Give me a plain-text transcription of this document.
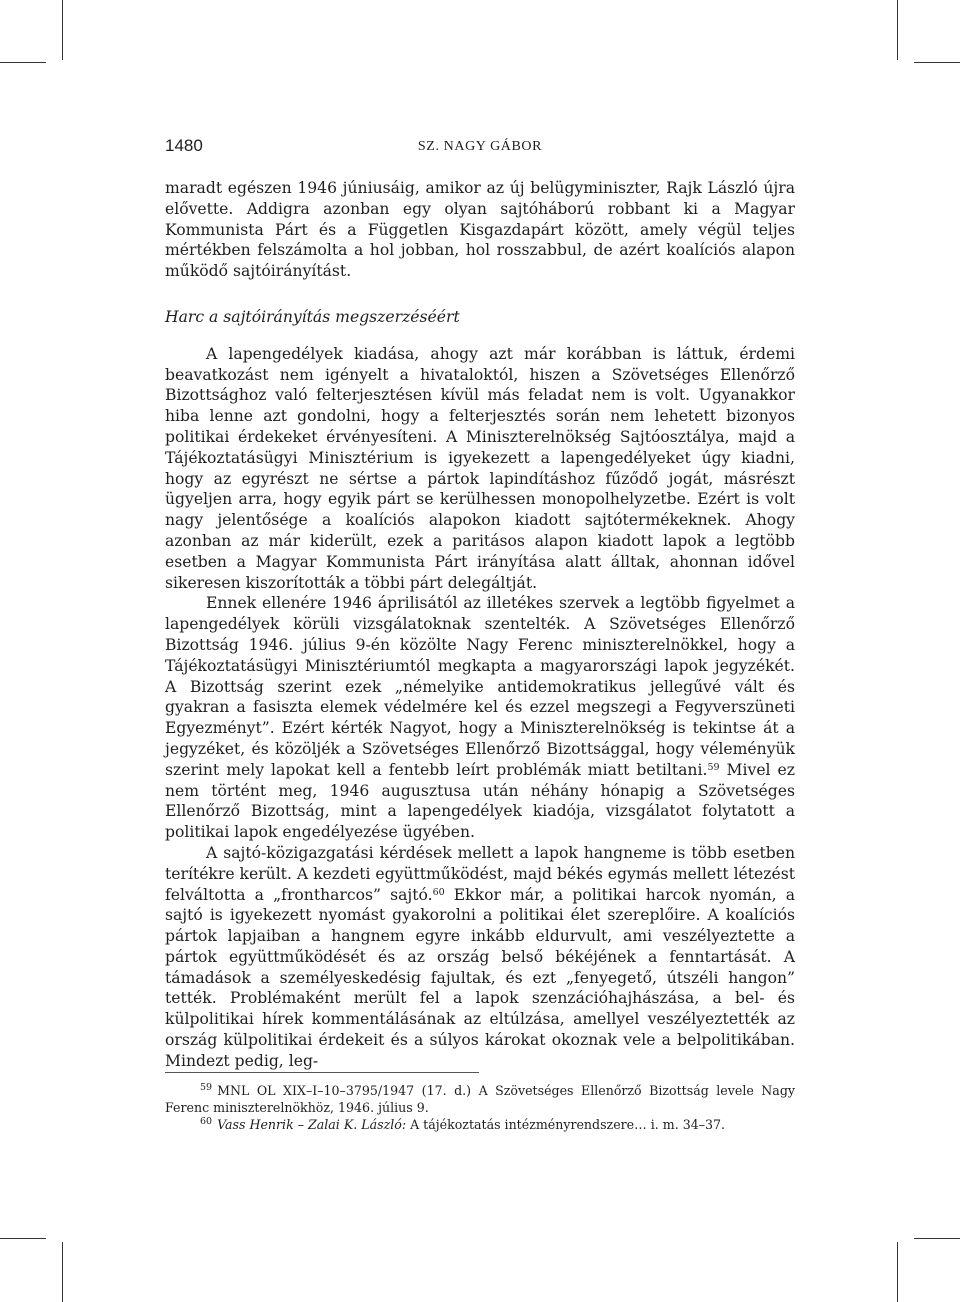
1480	SZ. NAGY GÁBOR

maradt egészen 1946 júniusáig, amikor az új belügyminiszter, Rajk László újra elővette. Addigra azonban egy olyan sajtóháború robbant ki a Magyar Kommunista Párt és a Független Kisgazdapárt között, amely végül teljes mértékben felszámolta a hol jobban, hol rosszabbul, de azért koalíciós alapon működő sajtóirányítást.

Harc a sajtóirányítás megszerzéséért

A lapengedélyek kiadása, ahogy azt már korábban is láttuk, érdemi beavatkozást nem igényelt a hivataloktól, hiszen a Szövetséges Ellenőrző Bizottsághoz való felterjesztésen kívül más feladat nem is volt. Ugyanakkor hiba lenne azt gondolni, hogy a felterjesztés során nem lehetett bizonyos politikai érdekeket érvényesíteni. A Miniszterelnökség Sajtóosztálya, majd a Tájékoztatásügyi Minisztérium is igyekezett a lapengedélyeket úgy kiadni, hogy az egyrészt ne sértse a pártok lapindításhoz fűződő jogát, másrészt ügyeljen arra, hogy egyik párt se kerülhessen monopolhelyzetbe. Ezért is volt nagy jelentősége a koalíciós alapokon kiadott sajtótermékeknek. Ahogy azonban az már kiderült, ezek a paritásos alapon kiadott lapok a legtöbb esetben a Magyar Kommunista Párt irányítása alatt álltak, ahonnan idővel sikeresen kiszorították a többi párt delegáltját.

Ennek ellenére 1946 áprilisától az illetékes szervek a legtöbb figyelmet a lapengedélyek körüli vizsgálatoknak szentelték. A Szövetséges Ellenőrző Bizottság 1946. július 9-én közölte Nagy Ferenc miniszterelnökkel, hogy a Tájékoztatásügyi Minisztériumtól megkapta a magyarországi lapok jegyzékét. A Bizottság szerint ezek „némelyike antidemokratikus jellegűvé vált és gyakran a fasiszta elemek védelmére kel és ezzel megszegi a Fegyverszüneti Egyezményt”. Ezért kérték Nagyot, hogy a Miniszterelnökség is tekintse át a jegyzéket, és közöljék a Szövetséges Ellenőrző Bizottsággal, hogy véleményük szerint mely lapokat kell a fentebb leírt problémák miatt betiltani.$^{59}$ Mivel ez nem történt meg, 1946 augusztusa után néhány hónapig a Szövetséges Ellenőrző Bizottság, mint a lapengedélyek kiadója, vizsgálatot folytatott a politikai lapok engedélyezése ügyében.

A sajtó-közigazgatási kérdések mellett a lapok hangneme is több esetben terítékre került. A kezdeti együttműködést, majd békés egymás mellett létezést felváltotta a „frontharcos” sajtó.$^{60}$ Ekkor már, a politikai harcok nyomán, a sajtó is igyekezett nyomást gyakorolni a politikai élet szereplőire. A koalíciós pártok lapjaiban a hangnem egyre inkább eldurvult, ami veszélyeztette a pártok együttműködését és az ország belső békéjének a fenntartását. A támadások a személyeskedésig fajultak, és ezt „fenyegető, útszéli hangon” tették. Problémaként merült fel a lapok szenzációhajhászása, a bel- és külpolitikai hírek kommentálásának az eltúlzása, amellyel veszélyeztették az ország külpolitikai érdekeit és a súlyos károkat okoznak vele a belpolitikában. Mindezt pedig, leg-

$^{59}$ MNL OL XIX–I–10–3795/1947 (17. d.) A Szövetséges Ellenőrző Bizottság levele Nagy Ferenc miniszterelnökhöz, 1946. július 9.

$^{60}$ Vass Henrik – Zalai K. László: A tájékoztatás intézményrendszere… i. m. 34–37.
